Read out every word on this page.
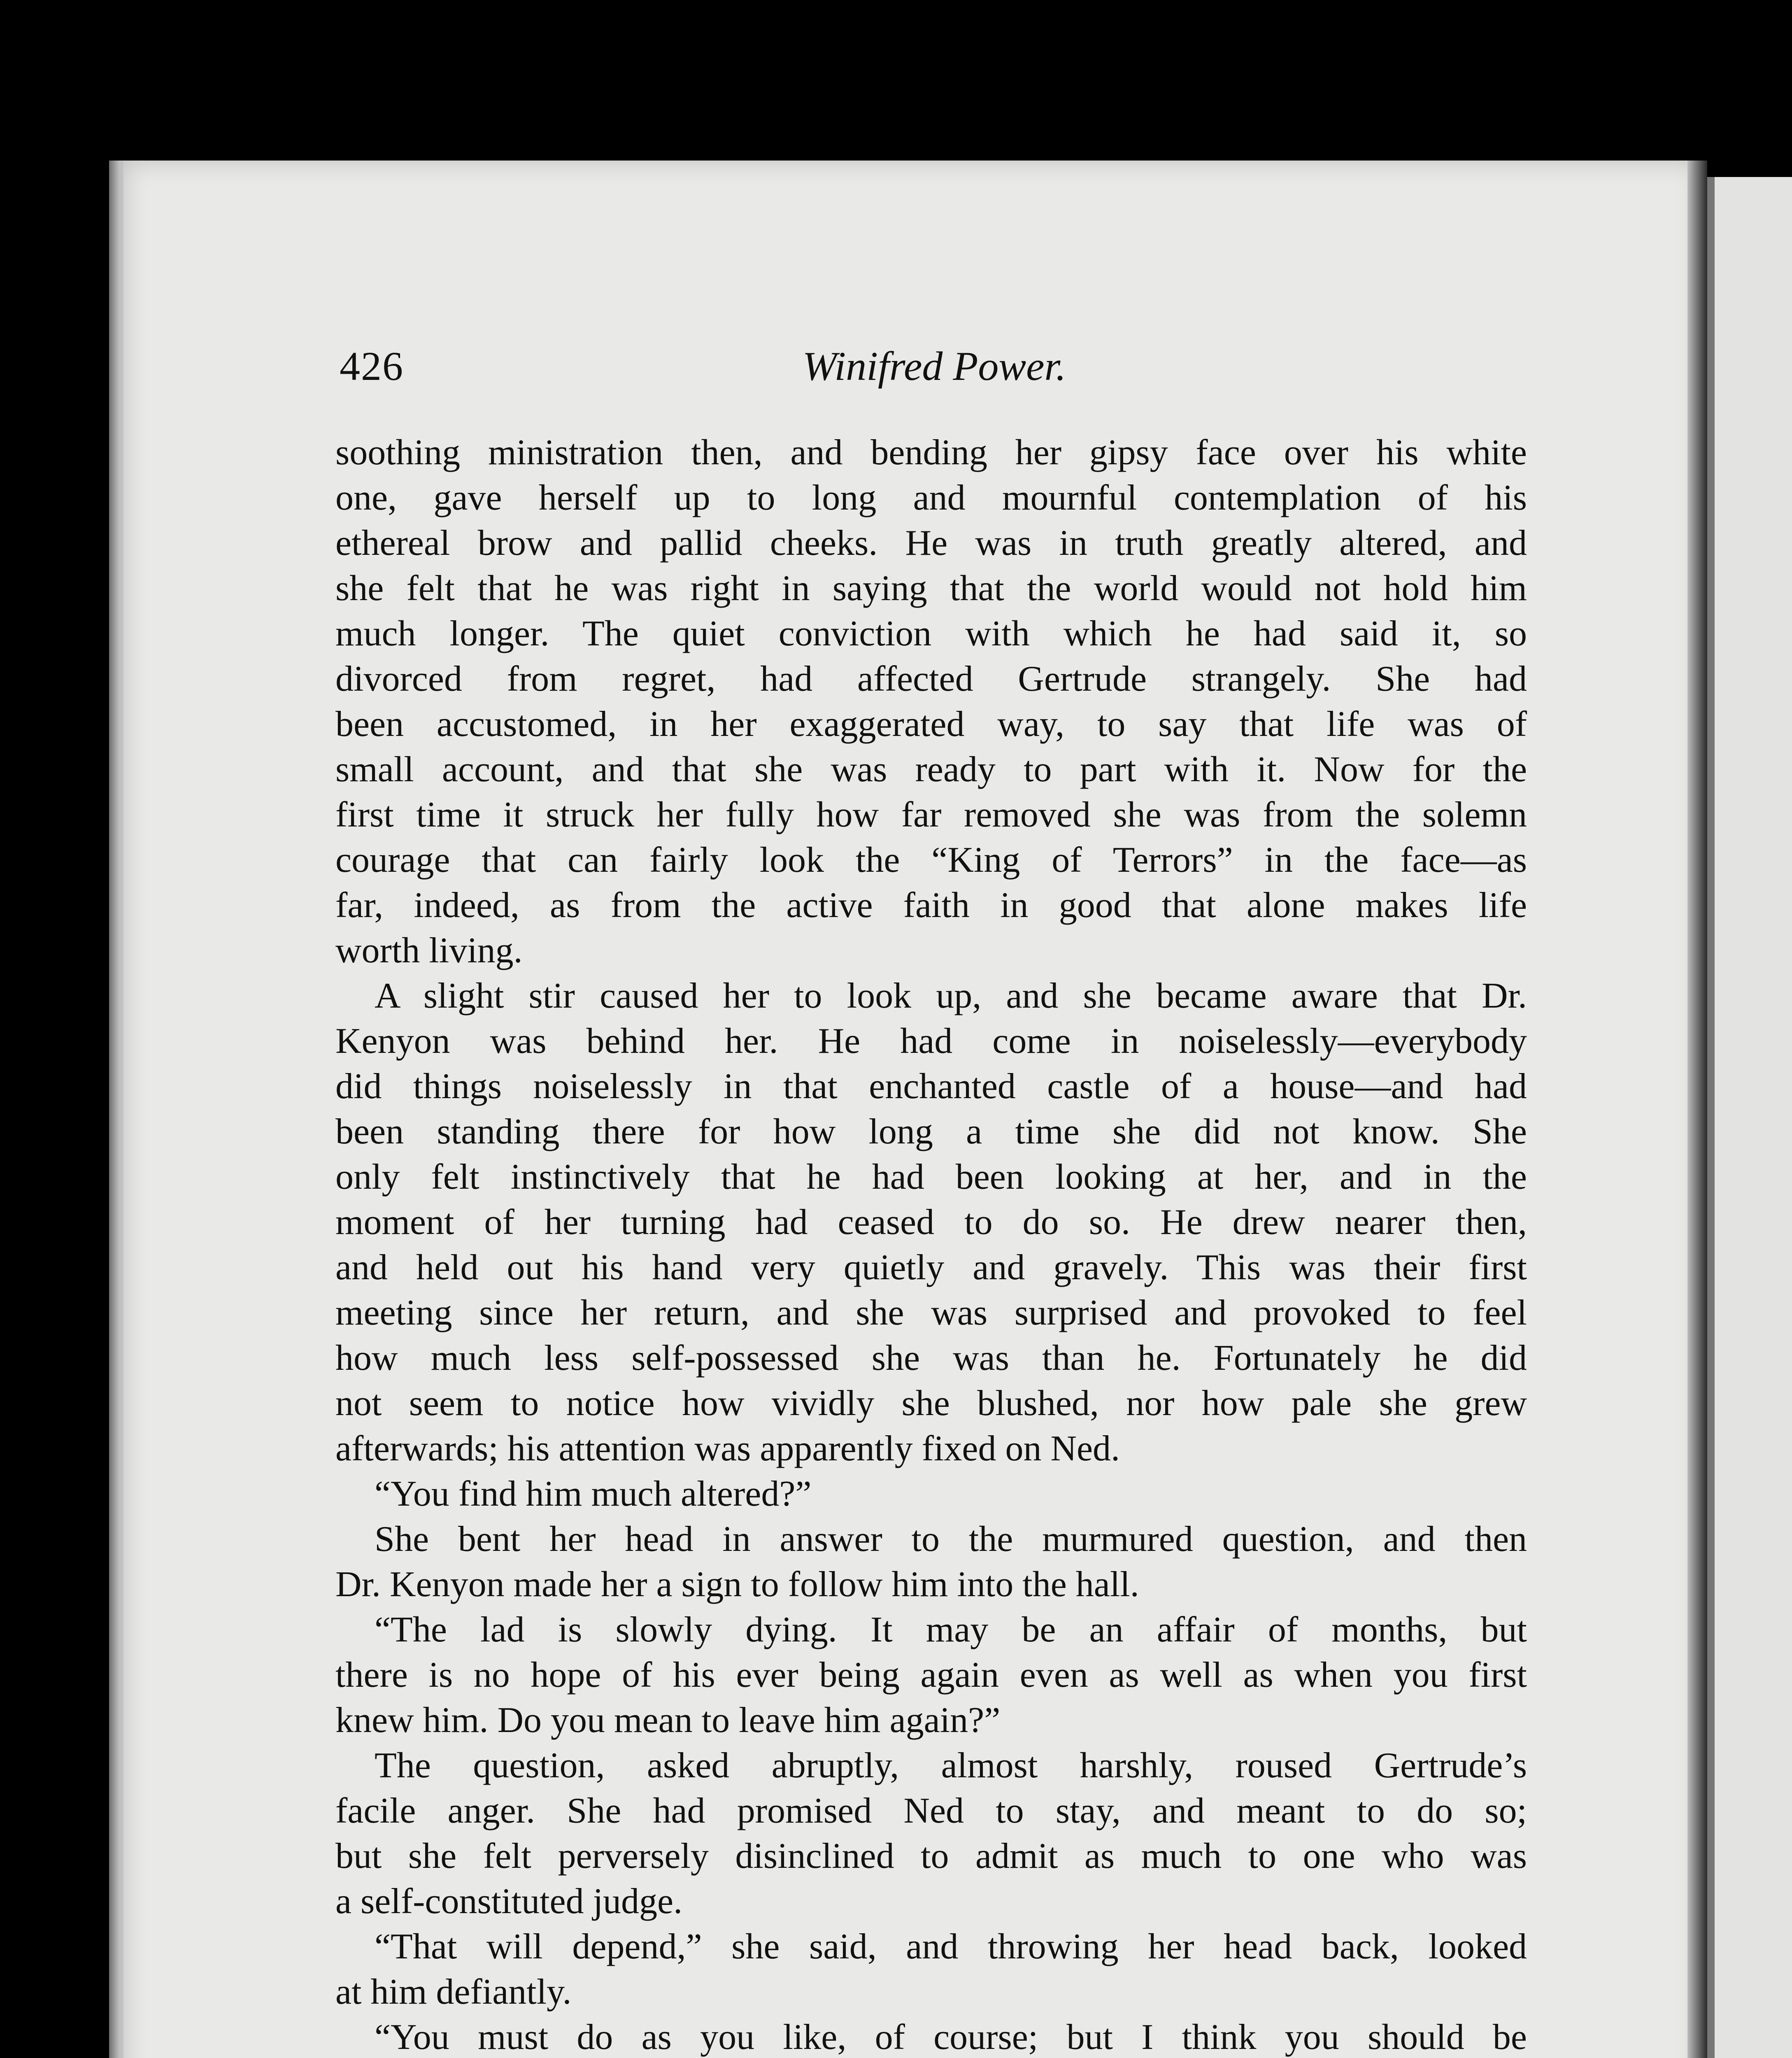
426	Winifred Power.
soothing ministration then, and bending her gipsy face over his white
one, gave herself up to long and mournful contemplation of his
ethereal brow and pallid cheeks. He was in truth greatly altered, and
she felt that he was right in saying that the world would not hold him
much longer. The quiet conviction with which he had said it, so
divorced from regret, had affected Gertrude strangely. She had
been accustomed, in her exaggerated way, to say that life was of
small account, and that she was ready to part with it. Now for the
first time it struck her fully how far removed she was from the solemn
courage that can fairly look the “King of Terrors” in the face—as
far, indeed, as from the active faith in good that alone makes life
worth living.
A slight stir caused her to look up, and she became aware that Dr.
Kenyon was behind her. He had come in noiselessly—everybody
did things noiselessly in that enchanted castle of a house—and had
been standing there for how long a time she did not know. She
only felt instinctively that he had been looking at her, and in the
moment of her turning had ceased to do so. He drew nearer then,
and held out his hand very quietly and gravely. This was their first
meeting since her return, and she was surprised and provoked to feel
how much less self-possessed she was than he. Fortunately he did
not seem to notice how vividly she blushed, nor how pale she grew
afterwards; his attention was apparently fixed on Ned.
“You find him much altered?”
She bent her head in answer to the murmured question, and then
Dr. Kenyon made her a sign to follow him into the hall.
“The lad is slowly dying. It may be an affair of months, but
there is no hope of his ever being again even as well as when you first
knew him. Do you mean to leave him again?”
The question, asked abruptly, almost harshly, roused Gertrude’s
facile anger. She had promised Ned to stay, and meant to do so;
but she felt perversely disinclined to admit as much to one who was
a self-constituted judge.
“That will depend,” she said, and throwing her head back, looked
at him defiantly.
“You must do as you like, of course; but I think you should be
